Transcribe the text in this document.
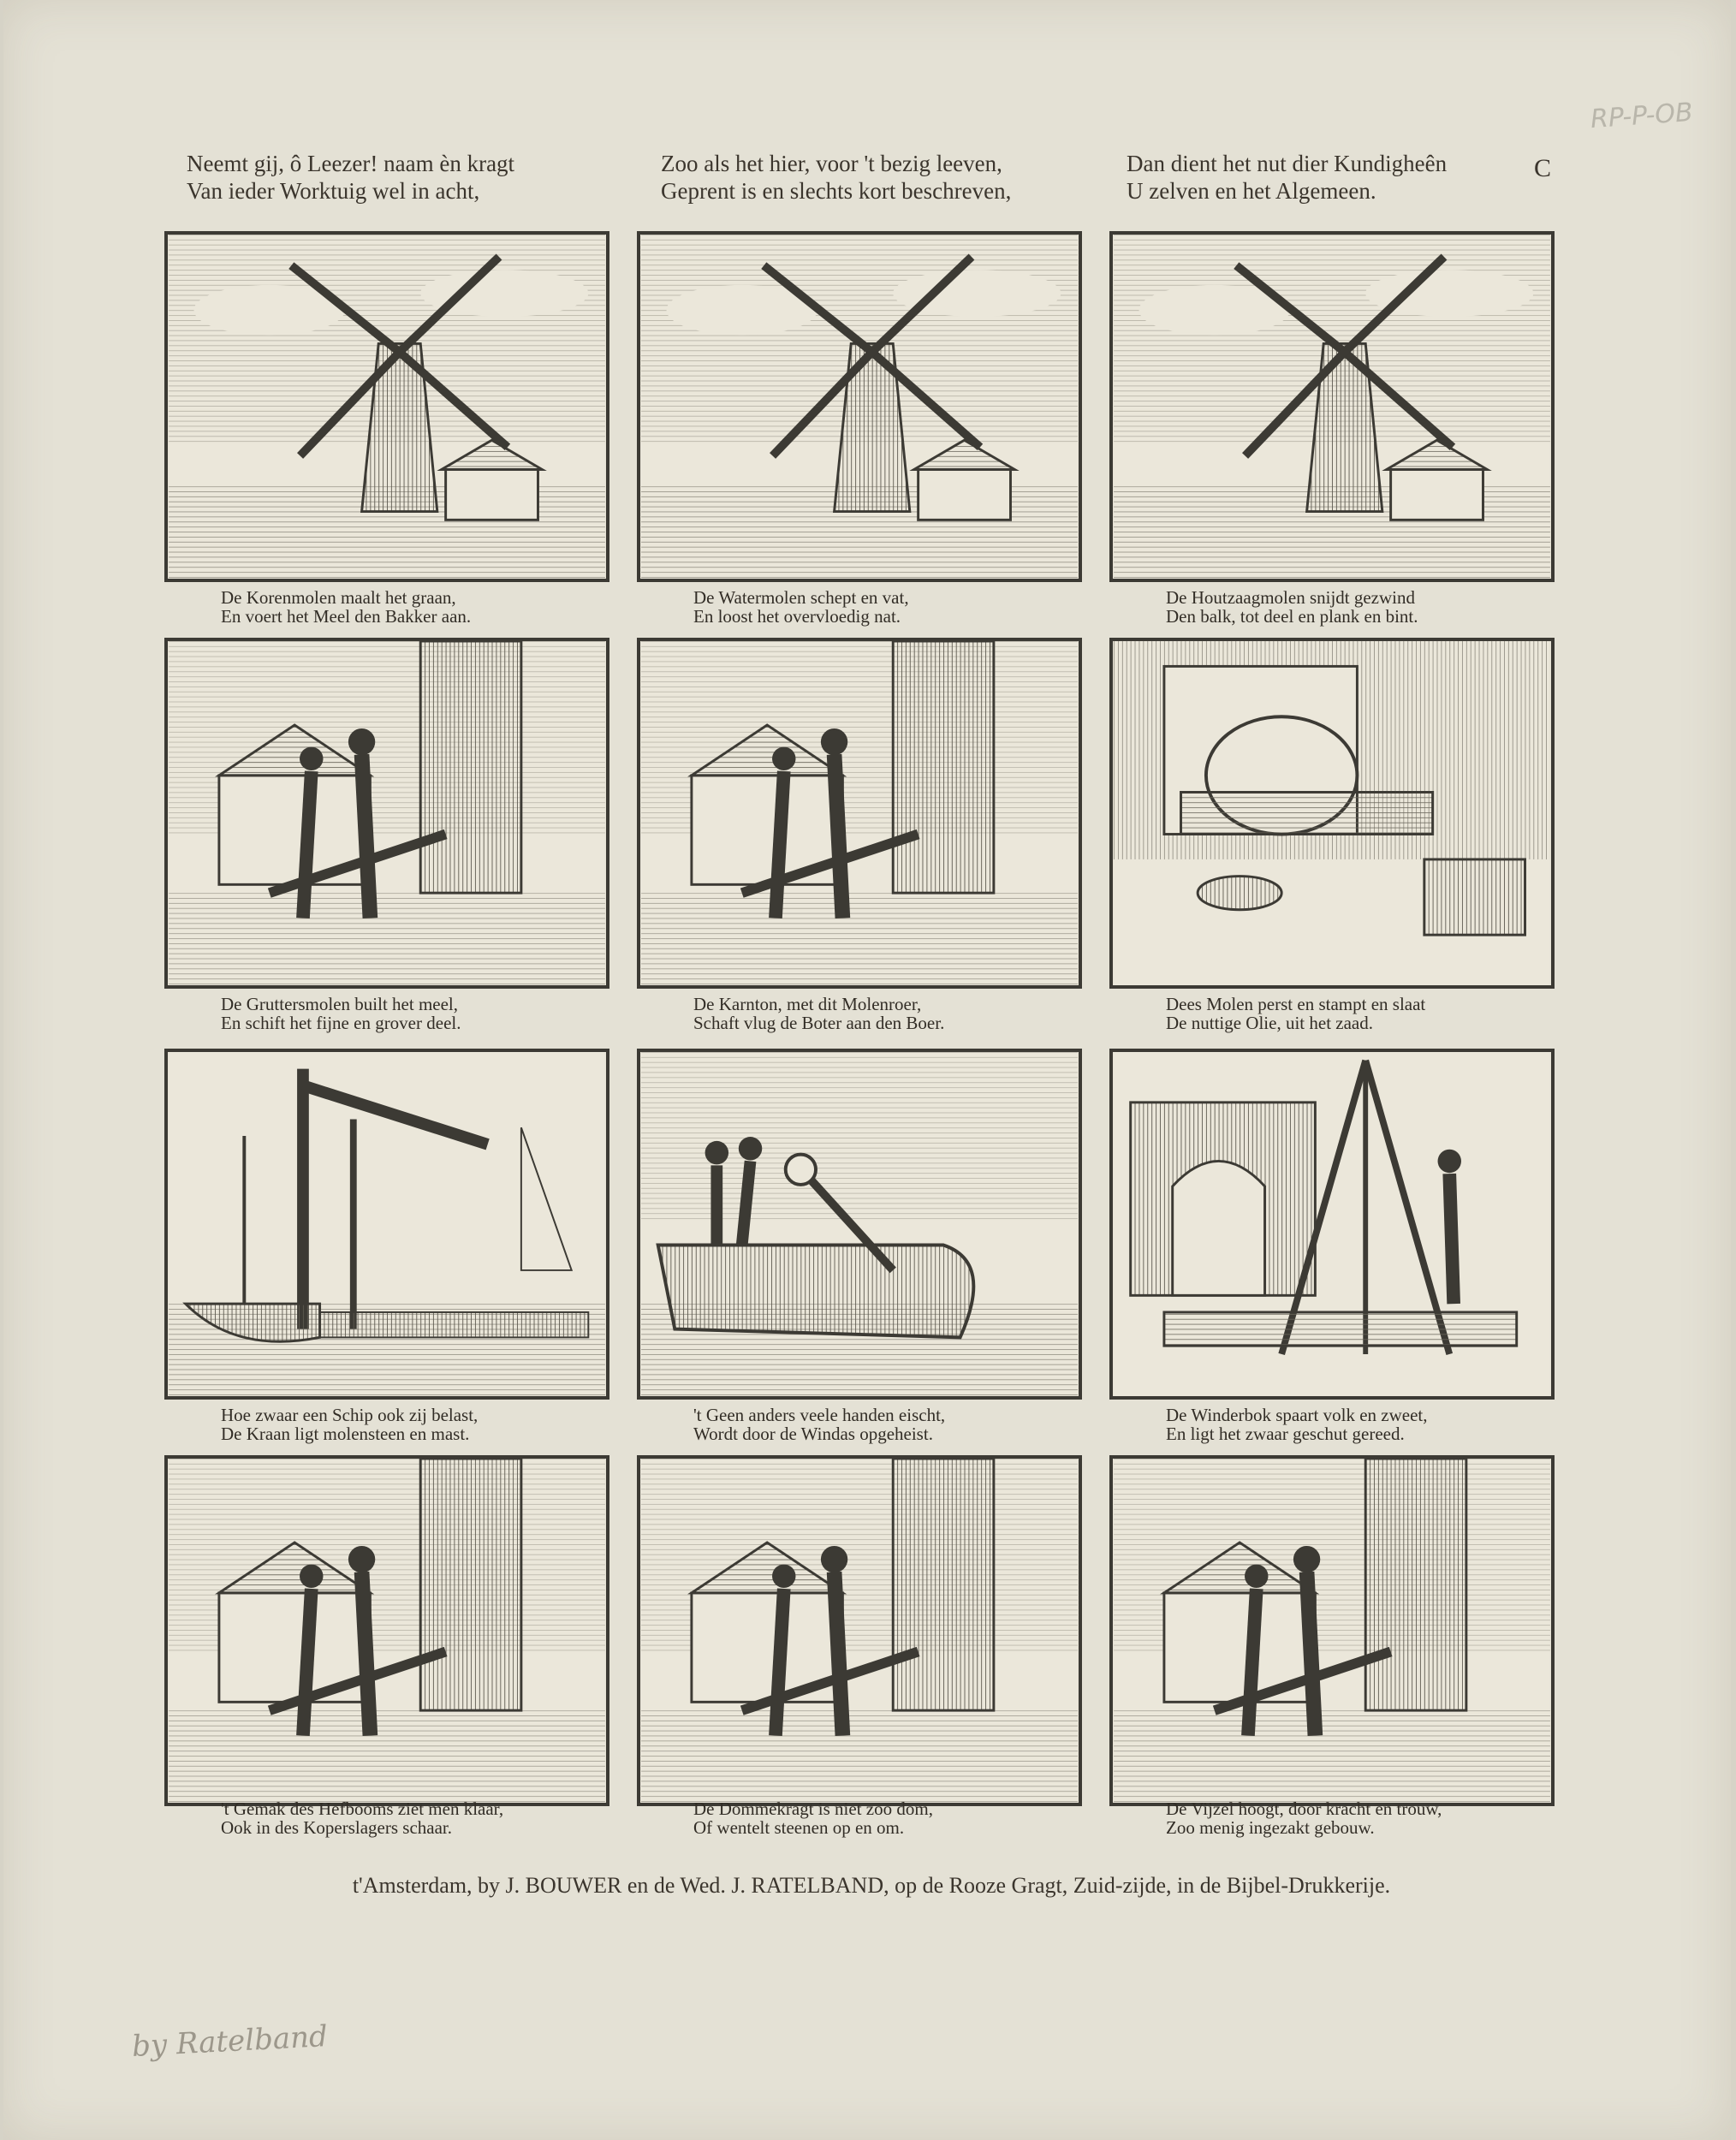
RP-P-OB
Neemt gij, ô Leezer! naam èn kragt
Van ieder Worktuig wel in acht,
Zoo als het hier, voor 't bezig leeven,
Geprent is en slechts kort beschreven,
Dan dient het nut dier Kundigheên
U zelven en het Algemeen.
C
De Korenmolen maalt het graan,
En voert het Meel den Bakker aan.
De Watermolen schept en vat,
En loost het overvloedig nat.
De Houtzaagmolen snijdt gezwind
Den balk, tot deel en plank en bint.
De Gruttersmolen built het meel,
En schift het fijne en grover deel.
De Karnton, met dit Molenroer,
Schaft vlug de Boter aan den Boer.
Dees Molen perst en stampt en slaat
De nuttige Olie, uit het zaad.
Hoe zwaar een Schip ook zij belast,
De Kraan ligt molensteen en mast.
't Geen anders veele handen eischt,
Wordt door de Windas opgeheist.
De Winderbok spaart volk en zweet,
En ligt het zwaar geschut gereed.
't Gemak des Hefbooms ziet men klaar,
Ook in des Koperslagers schaar.
De Dommekragt is niet zoo dom,
Of wentelt steenen op en om.
De Vijzel hoogt, door kracht en trouw,
Zoo menig ingezakt gebouw.
t'Amsterdam, by J. BOUWER en de Wed. J. RATELBAND, op de Rooze Gragt, Zuid-zijde, in de Bijbel-Drukkerije.
by Ratelband
